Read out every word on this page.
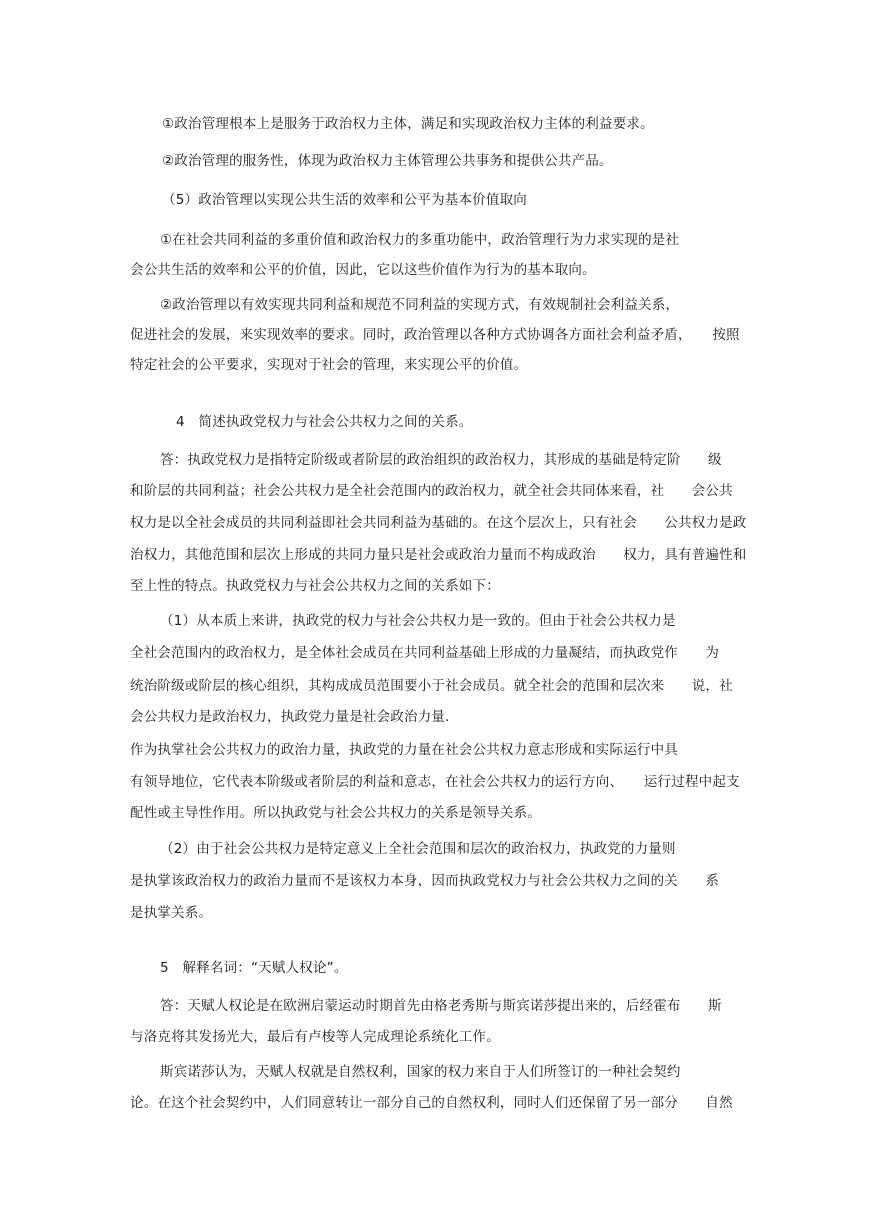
①政治管理根本上是服务于政治权力主体，满足和实现政治权力主体的利益要求。
②政治管理的服务性，体现为政治权力主体管理公共事务和提供公共产品。
（5）政治管理以实现公共生活的效率和公平为基本价值取向
①在社会共同利益的多重价值和政治权力的多重功能中，政治管理行为力求实现的是社
会公共生活的效率和公平的价值，因此，它以这些价值作为行为的基本取向。
②政治管理以有效实现共同利益和规范不同利益的实现方式，有效规制社会利益关系，
促进社会的发展，来实现效率的要求。同时，政治管理以各种方式协调各方面社会利益矛盾，　　按照
特定社会的公平要求，实现对于社会的管理，来实现公平的价值。
4　简述执政党权力与社会公共权力之间的关系。
答：执政党权力是指特定阶级或者阶层的政治组织的政治权力，其形成的基础是特定阶　　级
和阶层的共同利益；社会公共权力是全社会范围内的政治权力，就全社会共同体来看，社　　会公共
权力是以全社会成员的共同利益即社会共同利益为基础的。在这个层次上，只有社会　　公共权力是政
治权力，其他范围和层次上形成的共同力量只是社会或政治力量而不构成政治　　权力，具有普遍性和
至上性的特点。执政党权力与社会公共权力之间的关系如下：
（1）从本质上来讲，执政党的权力与社会公共权力是一致的。但由于社会公共权力是
全社会范围内的政治权力，是全体社会成员在共同利益基础上形成的力量凝结，而执政党作　　为
统治阶级或阶层的核心组织，其构成成员范围要小于社会成员。就全社会的范围和层次来　　说，社
会公共权力是政治权力，执政党力量是社会政治力量.
作为执掌社会公共权力的政治力量，执政党的力量在社会公共权力意志形成和实际运行中具
有领导地位，它代表本阶级或者阶层的利益和意志，在社会公共权力的运行方向、　　运行过程中起支
配性或主导性作用。所以执政党与社会公共权力的关系是领导关系。
（2）由于社会公共权力是特定意义上全社会范围和层次的政治权力，执政党的力量则
是执掌该政治权力的政治力量而不是该权力本身，因而执政党权力与社会公共权力之间的关　　系
是执掌关系。
5　解释名词：“天赋人权论”。
答：天赋人权论是在欧洲启蒙运动时期首先由格老秀斯与斯宾诺莎提出来的，后经霍布　　斯
与洛克将其发扬光大，最后有卢梭等人完成理论系统化工作。
斯宾诺莎认为，天赋人权就是自然权利，国家的权力来自于人们所签订的一种社会契约
论。在这个社会契约中，人们同意转让一部分自己的自然权利，同时人们还保留了另一部分　　自然
